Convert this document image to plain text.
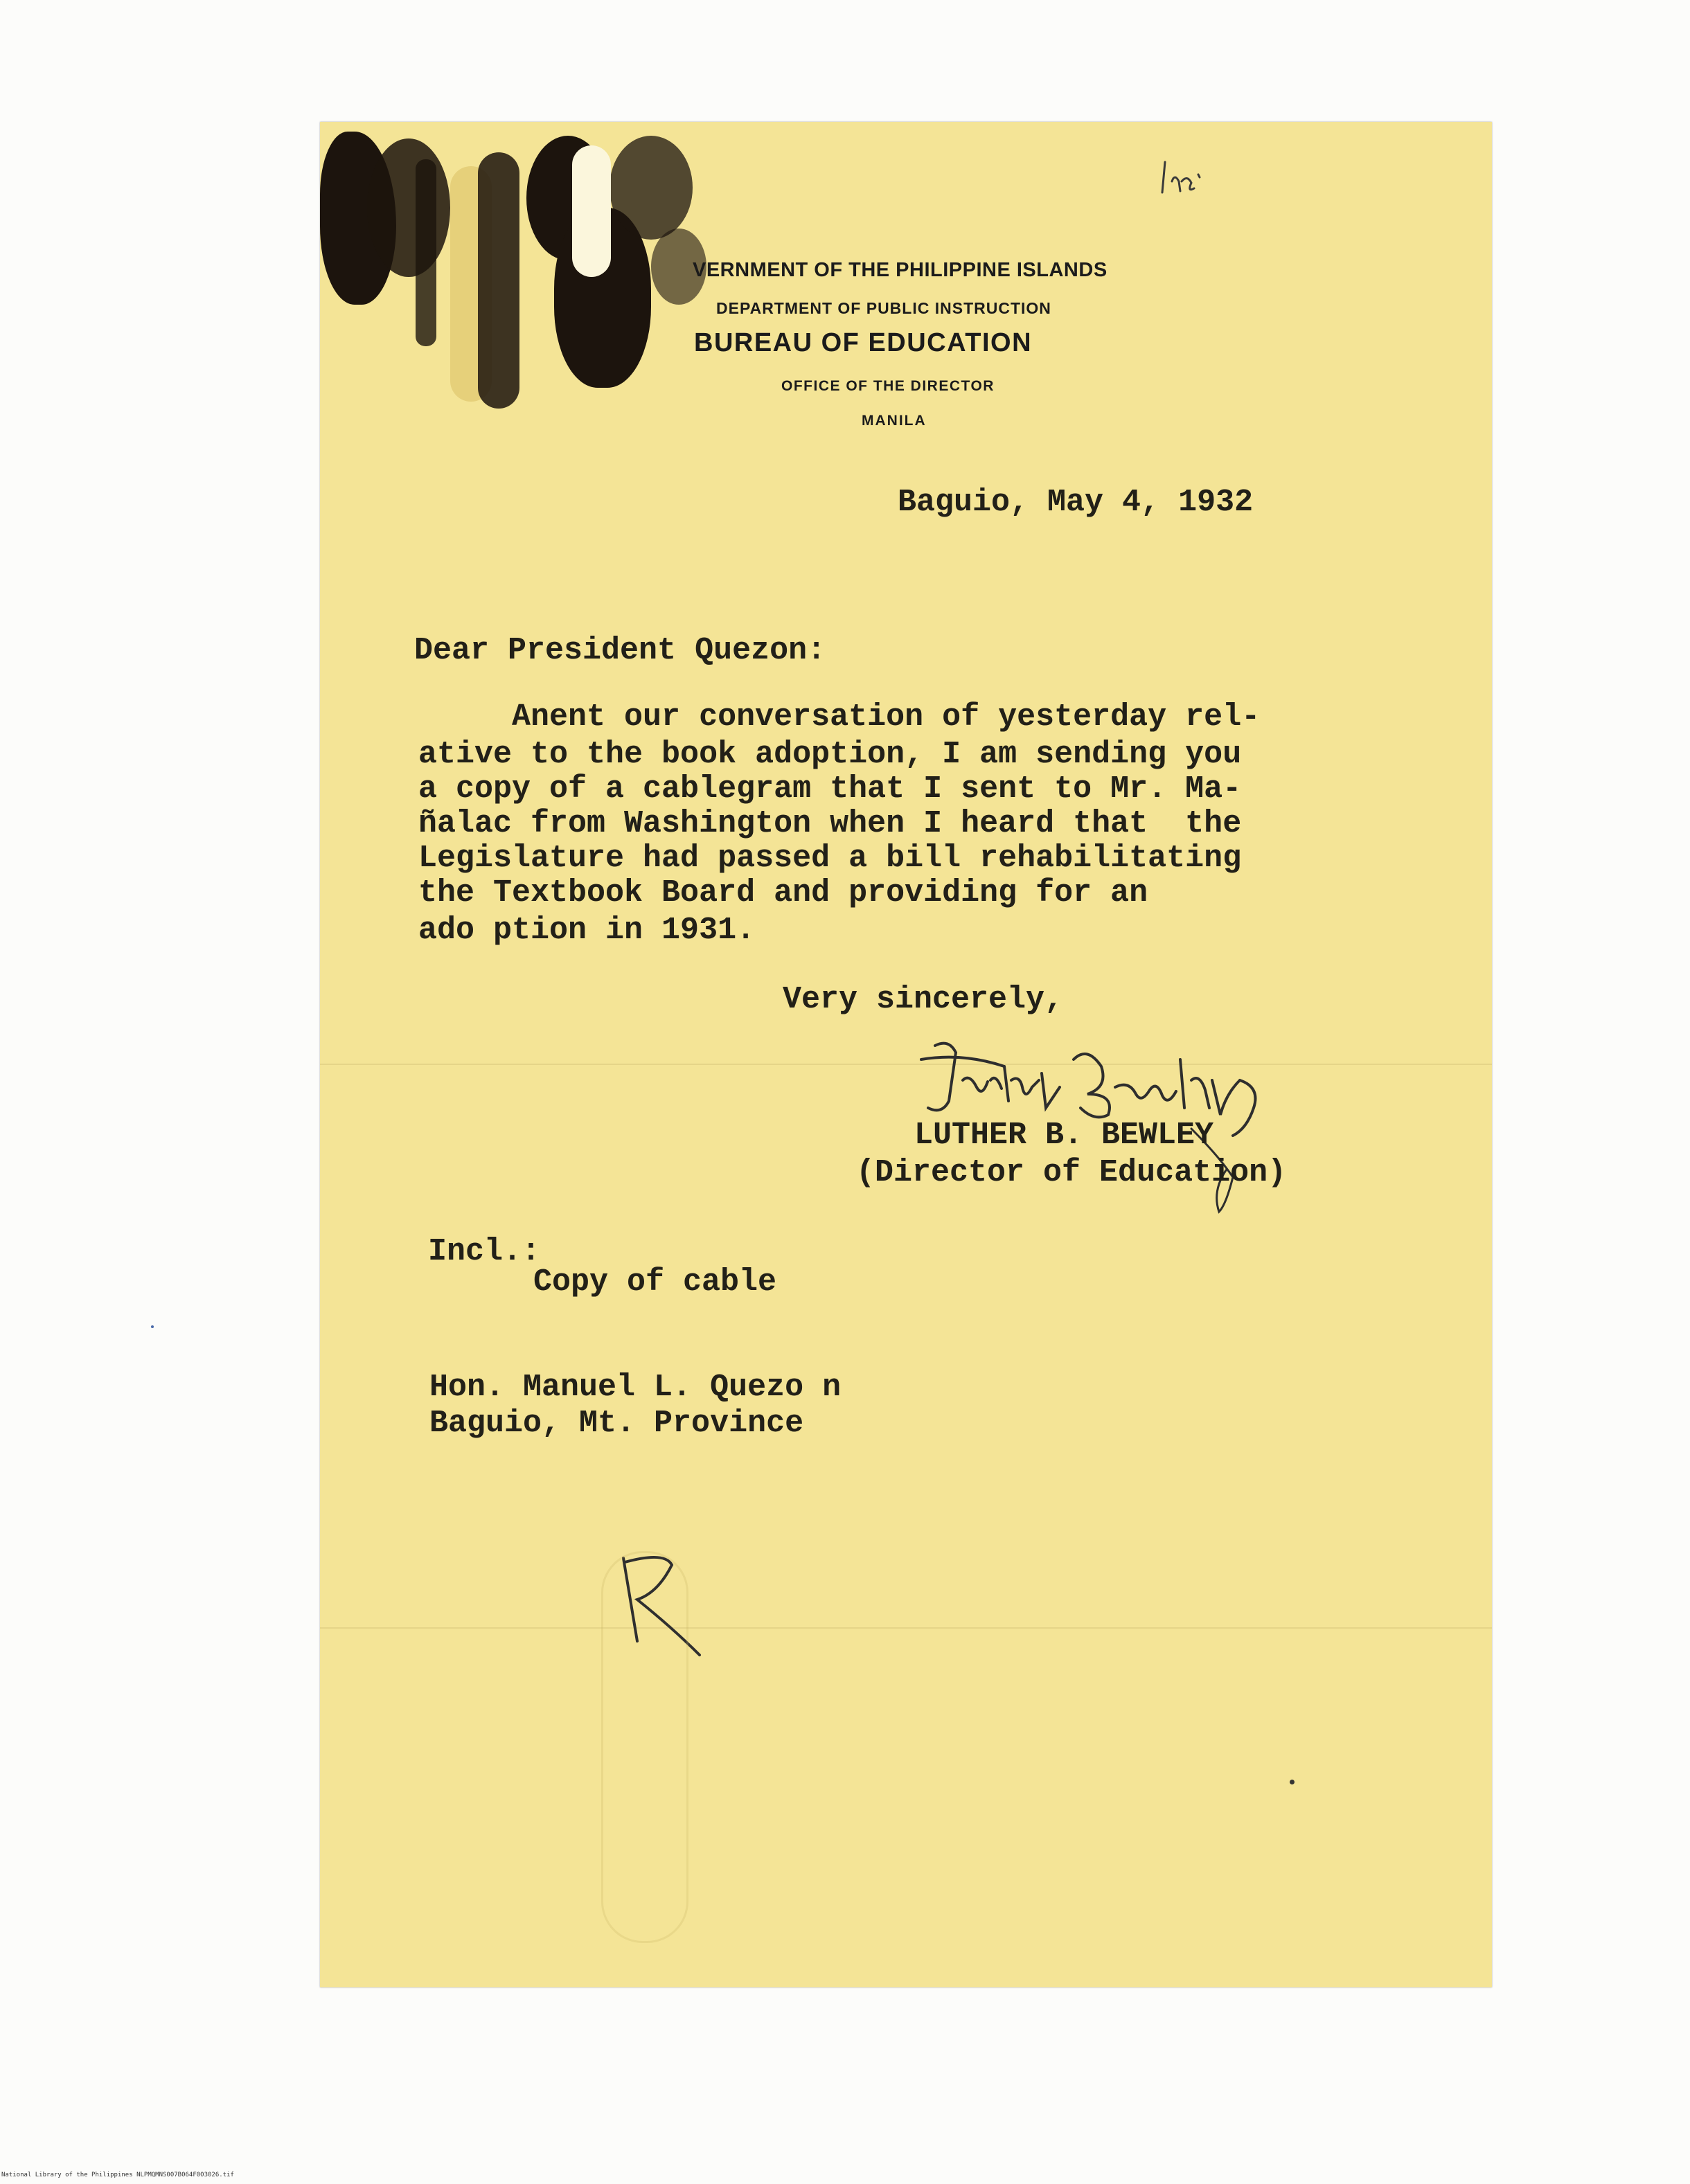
VERNMENT OF THE PHILIPPINE ISLANDS
DEPARTMENT OF PUBLIC INSTRUCTION
BUREAU OF EDUCATION
OFFICE OF THE DIRECTOR
MANILA
Baguio, May 4, 1932
Dear President Quezon:
Anent our conversation of yesterday rel-
ative to the book adoption, I am sending you
a copy of a cablegram that I sent to Mr. Ma-
ñalac from Washington when I heard that  the
Legislature had passed a bill rehabilitating
the Textbook Board and providing for an
ado ption in 1931.
Very sincerely,
LUTHER B. BEWLEY
(Director of Education)
Incl.:
Copy of cable
Hon. Manuel L. Quezo n
Baguio, Mt. Province
National Library of the Philippines NLPMQMNS007B064F003026.tif
